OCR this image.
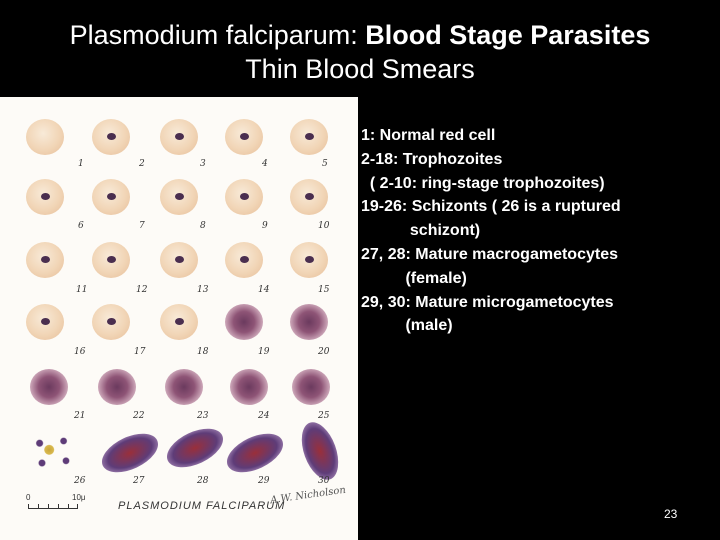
Plasmodium falciparum: Blood Stage Parasites
Thin Blood Smears
1	2	3	4	5
6	7	8	9	10
11	12	13	14	15
16	17	18	19	20
21	22	23	24	25
26	27	28	29	30
0	10μ
PLASMODIUM FALCIPARUM
A.W. Nicholson
1: Normal red cell
2-18: Trophozoites
( 2-10: ring-stage trophozoites)
19-26: Schizonts ( 26 is a ruptured
schizont)
27, 28: Mature macrogametocytes
(female)
29, 30: Mature microgametocytes
(male)
23
